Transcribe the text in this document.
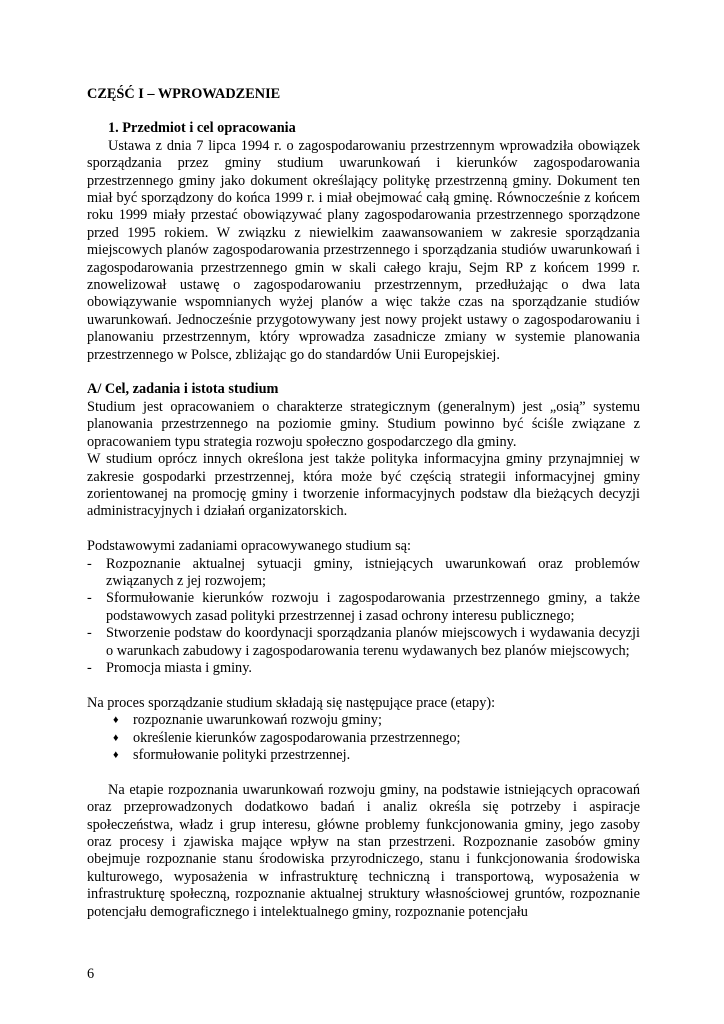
CZĘŚĆ I – WPROWADZENIE
1. Przedmiot i cel opracowania

Ustawa z dnia 7 lipca 1994 r. o zagospodarowaniu przestrzennym wprowadziła obowiązek sporządzania przez gminy studium uwarunkowań i kierunków zagospodarowania przestrzennego gminy jako dokument określający politykę przestrzenną gminy. Dokument ten miał być sporządzony do końca 1999 r. i miał obejmować całą gminę. Równocześnie z końcem roku 1999 miały przestać obowiązywać plany zagospodarowania przestrzennego sporządzone przed 1995 rokiem. W związku z niewielkim zaawansowaniem w zakresie sporządzania miejscowych planów zagospodarowania przestrzennego i sporządzania studiów uwarunkowań i zagospodarowania przestrzennego gmin w skali całego kraju, Sejm RP z końcem 1999 r. znowelizował ustawę o zagospodarowaniu przestrzennym, przedłużając o dwa lata obowiązywanie wspomnianych wyżej planów a więc także czas na sporządzanie studiów uwarunkowań. Jednocześnie przygotowywany jest nowy projekt ustawy o zagospodarowaniu i planowaniu przestrzennym, który wprowadza zasadnicze zmiany w systemie planowania przestrzennego w Polsce, zbliżając go do standardów Unii Europejskiej.

A/ Cel, zadania i istota studium

Studium jest opracowaniem o charakterze strategicznym (generalnym) jest „osią” systemu planowania przestrzennego na poziomie gminy. Studium powinno być ściśle związane z opracowaniem typu strategia rozwoju społeczno gospodarczego dla gminy.

W studium oprócz innych określona jest także polityka informacyjna gminy przynajmniej w zakresie gospodarki przestrzennej, która może być częścią strategii informacyjnej gminy zorientowanej na promocję gminy i tworzenie informacyjnych podstaw dla bieżących decyzji administracyjnych i działań organizatorskich.

Podstawowymi zadaniami opracowywanego studium są:

- Rozpoznanie aktualnej sytuacji gminy, istniejących uwarunkowań oraz problemów związanych z jej rozwojem;
- Sformułowanie kierunków rozwoju i zagospodarowania przestrzennego gminy, a także podstawowych zasad polityki przestrzennej i zasad ochrony interesu publicznego;
- Stworzenie podstaw do koordynacji sporządzania planów miejscowych i wydawania decyzji o warunkach zabudowy i zagospodarowania terenu wydawanych bez planów miejscowych;
- Promocja miasta i gminy.

Na proces sporządzanie studium składają się następujące prace (etapy):

♦ rozpoznanie uwarunkowań rozwoju gminy;
♦ określenie kierunków zagospodarowania przestrzennego;
♦ sformułowanie polityki przestrzennej.

Na etapie rozpoznania uwarunkowań rozwoju gminy, na podstawie istniejących opracowań oraz przeprowadzonych dodatkowo badań i analiz określa się potrzeby i aspiracje społeczeństwa, władz i grup interesu, główne problemy funkcjonowania gminy, jego zasoby oraz procesy i zjawiska mające wpływ na stan przestrzeni. Rozpoznanie zasobów gminy obejmuje rozpoznanie stanu środowiska przyrodniczego, stanu i funkcjonowania środowiska kulturowego, wyposażenia w infrastrukturę techniczną i transportową, wyposażenia w infrastrukturę społeczną, rozpoznanie aktualnej struktury własnościowej gruntów, rozpoznanie potencjału demograficznego i intelektualnego gminy, rozpoznanie potencjału

6
